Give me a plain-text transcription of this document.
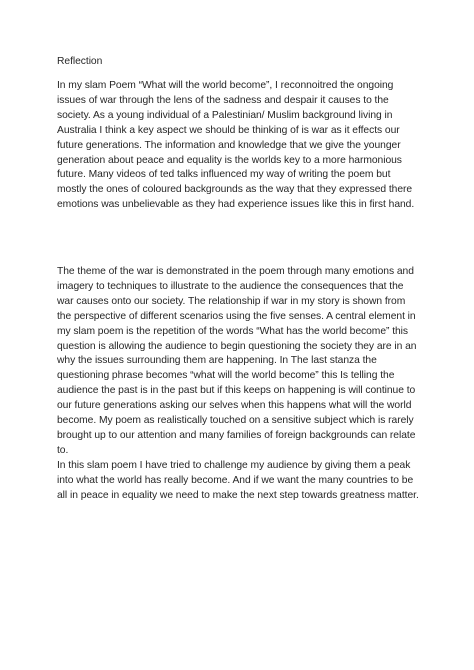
Reflection

In my slam Poem “What will the world become”, I reconnoitred the ongoing issues of war through the lens of the sadness and despair it causes to the society. As a young individual of a Palestinian/ Muslim background living in Australia I think a key aspect we should be thinking of is war as it effects our future generations. The information and knowledge that we give the younger generation about peace and equality is the worlds key to a more harmonious future. Many videos of ted talks influenced my way of writing the poem but mostly the ones of coloured backgrounds as the way that they expressed there emotions was unbelievable as they had experience issues like this in first hand.

The theme of the war is demonstrated in the poem through many emotions and imagery to techniques to illustrate to the audience the consequences that the war causes onto our society. The relationship if war in my story is shown from the perspective of different scenarios using the five senses. A central element in my slam poem is the repetition of the words “What has the world become” this question is allowing the audience to begin questioning the society they are in an why the issues surrounding them are happening. In The last stanza the questioning phrase becomes “what will the world become” this Is telling the audience the past is in the past but if this keeps on happening is will continue to our future generations asking our selves when this happens what will the world become. My poem as realistically touched on a sensitive subject which is rarely brought up to our attention and many families of foreign backgrounds can relate to.

In this slam poem I have tried to challenge my audience by giving them a peak into what the world has really become. And if we want the many countries to be all in peace in equality we need to make the next step towards greatness matter.
